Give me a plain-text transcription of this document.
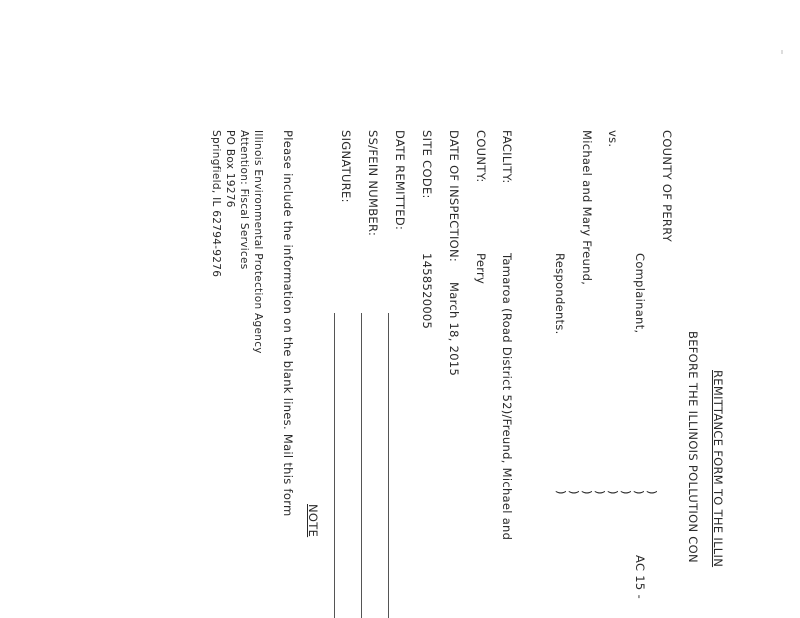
REMITTANCE FORM TO THE ILLIN
BEFORE THE ILLINOIS POLLUTION CON
COUNTY OF PERRY
Complainant,
AC 15 -
vs.
Michael and Mary Freund,
Respondents.
) ) ) ) ) ) ) )
FACILITY:
Tamaroa (Road District 52)/Freund, Michael and
COUNTY:
Perry
DATE OF INSPECTION:
March 18, 2015
SITE CODE:
1458520005
DATE REMITTED:
SS/FEIN NUMBER:
SIGNATURE:
NOTE
Please include the information on the blank lines. Mail this form
Illinois Environmental Protection Agency
Attention: Fiscal Services
PO Box 19276
Springfield, IL 62794-9276
